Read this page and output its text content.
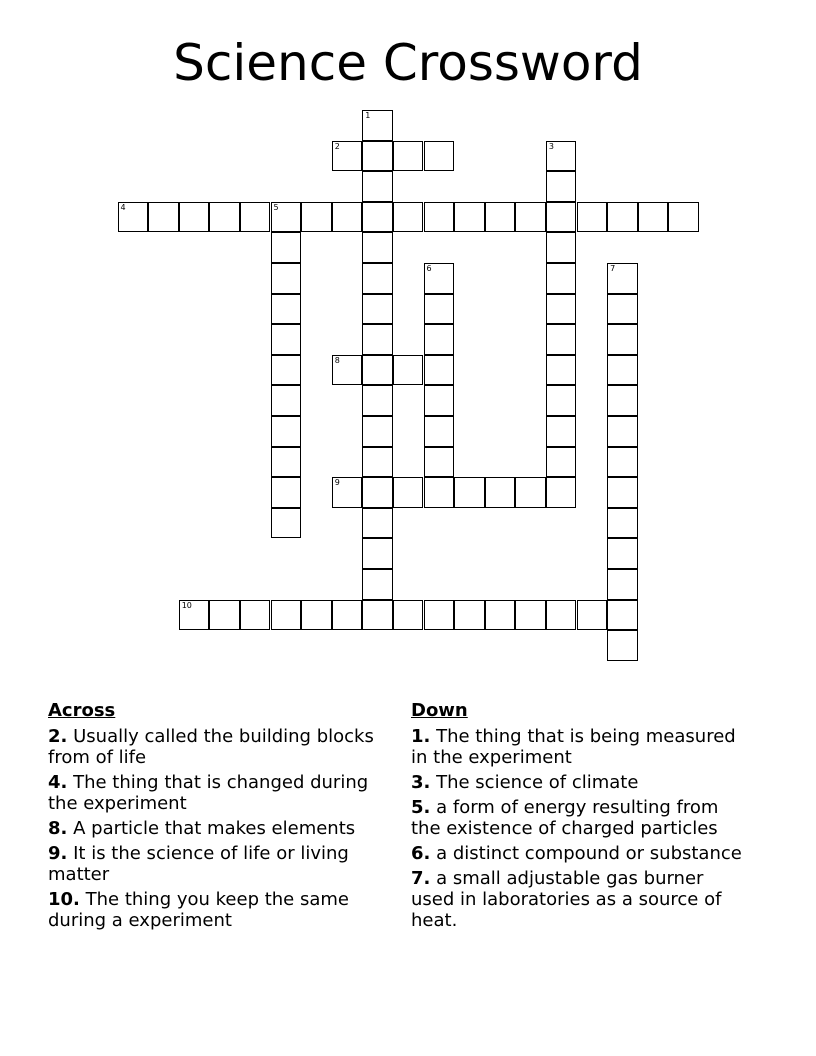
Science Crossword
1
2	3
4	5
6	7
8
9
10
Across
2. Usually called the building blocks from of life
4. The thing that is changed during the experiment
8. A particle that makes elements
9. It is the science of life or living matter
10. The thing you keep the same during a experiment
Down
1. The thing that is being measured in the experiment
3. The science of climate
5. a form of energy resulting from the existence of charged particles
6. a distinct compound or substance
7. a small adjustable gas burner used in laboratories as a source of heat.
